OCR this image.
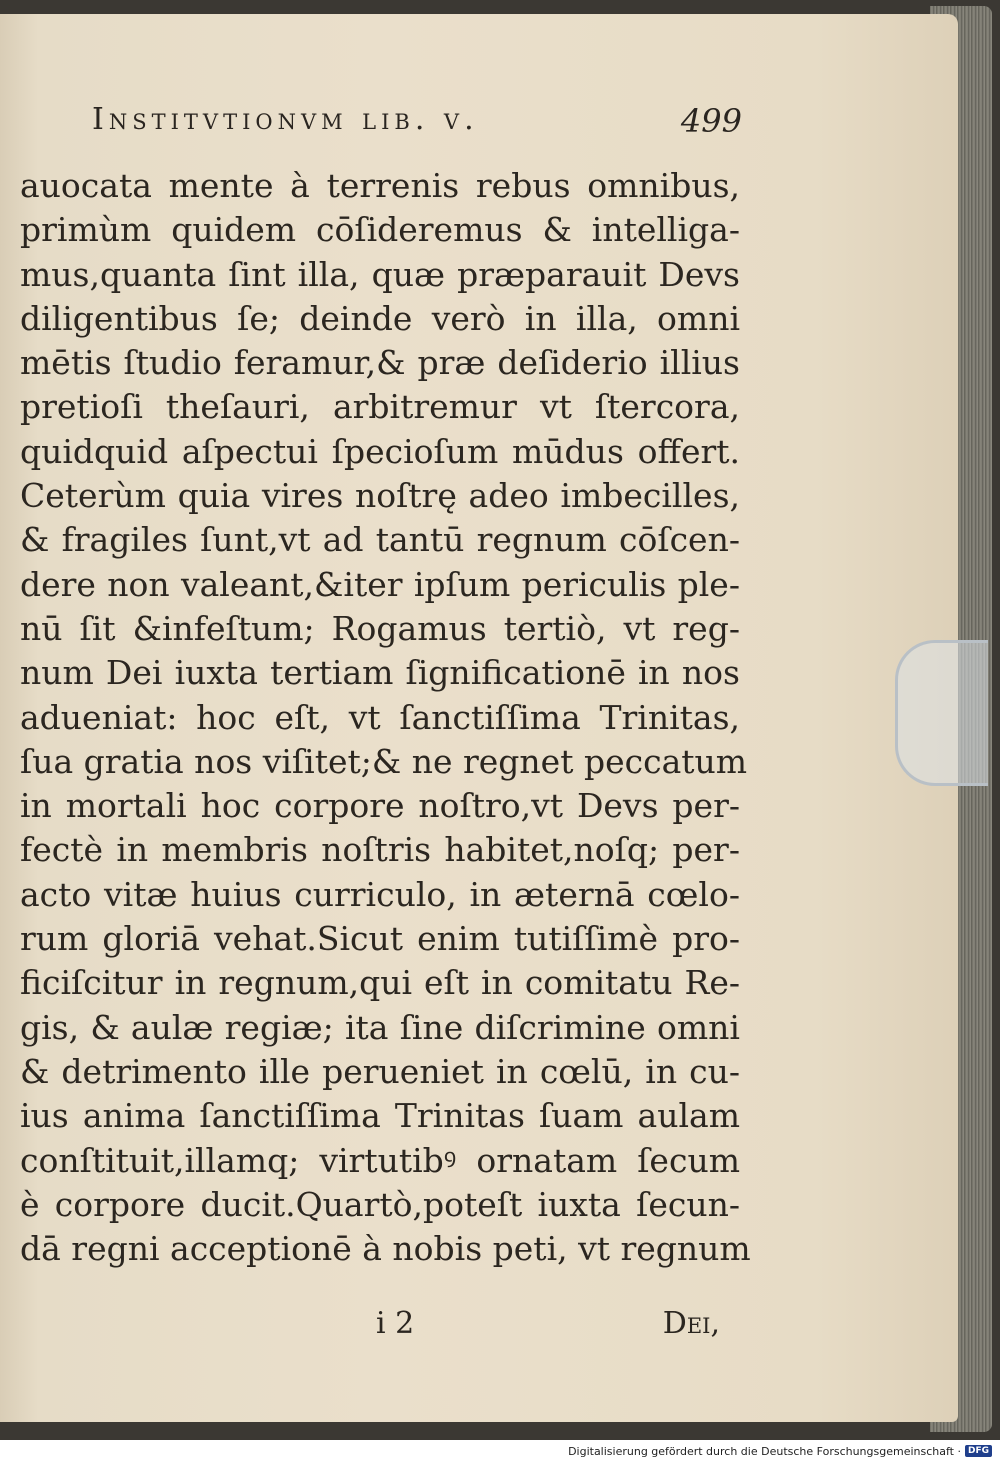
Institvtionvm lib. v.	499
auocata mente à terrenis rebus omnibus,
primùm quidem cōſideremus & intelliga-
mus,quanta ſint illa, quæ præparauit Devs
diligentibus ſe; deinde verò in illa, omni
mētis ſtudio feramur,& præ deſiderio illius
pretioſi theſauri, arbitremur vt ſtercora,
quidquid aſpectui ſpecioſum mūdus offert.
Ceterùm quia vires noſtrę adeo imbecilles,
& fragiles ſunt,vt ad tantū regnum cōſcen-
dere non valeant,&iter ipſum periculis ple-
nū ſit &infeſtum; Rogamus tertiò, vt reg-
num Dei iuxta tertiam ſignificationē in nos
adueniat: hoc eſt, vt ſanctiſſima Trinitas,
ſua gratia nos viſitet;& ne regnet peccatum
in mortali hoc corpore noſtro,vt Devs per-
fectè in membris noſtris habitet,noſq; per-
acto vitæ huius curriculo, in æternā cœlo-
rum gloriā vehat.Sicut enim tutiſſimè pro-
ficiſcitur in regnum,qui eſt in comitatu Re-
gis, & aulæ regiæ; ita ſine diſcrimine omni
& detrimento ille perueniet in cœlū, in cu-
ius anima ſanctiſſima Trinitas ſuam aulam
conſtituit,illamq; virtutibꝰ ornatam ſecum
è corpore ducit.Quartò,poteſt iuxta ſecun-
dā regni acceptionē à nobis peti, vt regnum
i 2	Dei,
Digitalisierung gefördert durch die Deutsche Forschungsgemeinschaft · DFG
